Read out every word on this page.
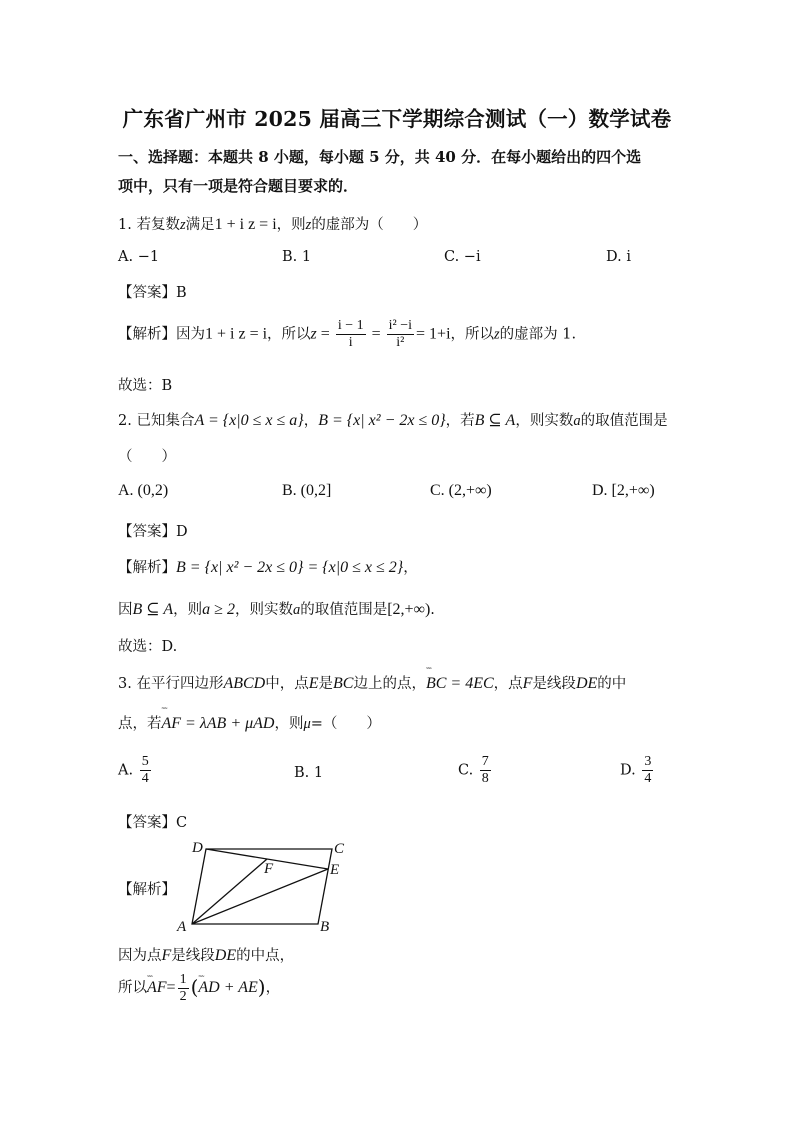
广东省广州市 2025 届高三下学期综合测试（一）数学试卷
一、选择题：本题共 8 小题，每小题 5 分，共 40 分．在每小题给出的四个选
项中，只有一项是符合题目要求的．
1. 若复数z满足1 + i z = i，则z的虚部为（　　）
A. −1	B. 1	C. −i	D. i
【答案】B
【解析】因为1 + i z = i，所以$z = \frac{i - 1}{i} = \frac{\text{i² −i}}{\text{i²}} = 1+i$，所以z的虚部为 1.
故选：B
2. 已知集合A = {x|0 ≤ x ≤ a}，B = {x| x² − 2x ≤ 0}，若B ⊆ A，则实数a的取值范围是
（　　）
A. (0,2)	B. (0,2]	C. (2,+∞)	D. [2,+∞)
【答案】D
【解析】B = {x| x² − 2x ≤ 0} = {x|0 ≤ x ≤ 2}，
因B ⊆ A，则a ≥ 2，则实数a的取值范围是[2,+∞).
故选：D.
3. 在平行四边形ABCD中，点E是BC边上的点，˜˜˜ BC = 4EC，点F是线段DE的中
点，若˜˜˜ AF = λAB + μAD，则μ=（　　）
A. $\frac{5}{4}$	B. 1	C. $\frac{7}{8}$	D. $\frac{3}{4}$
【答案】C
【解析】
D	C
F	E
A	B
因为点F是线段DE的中点，
所以˜˜˜ $AF= \frac{1}{2}$ (˜˜˜ AD + AE)，
